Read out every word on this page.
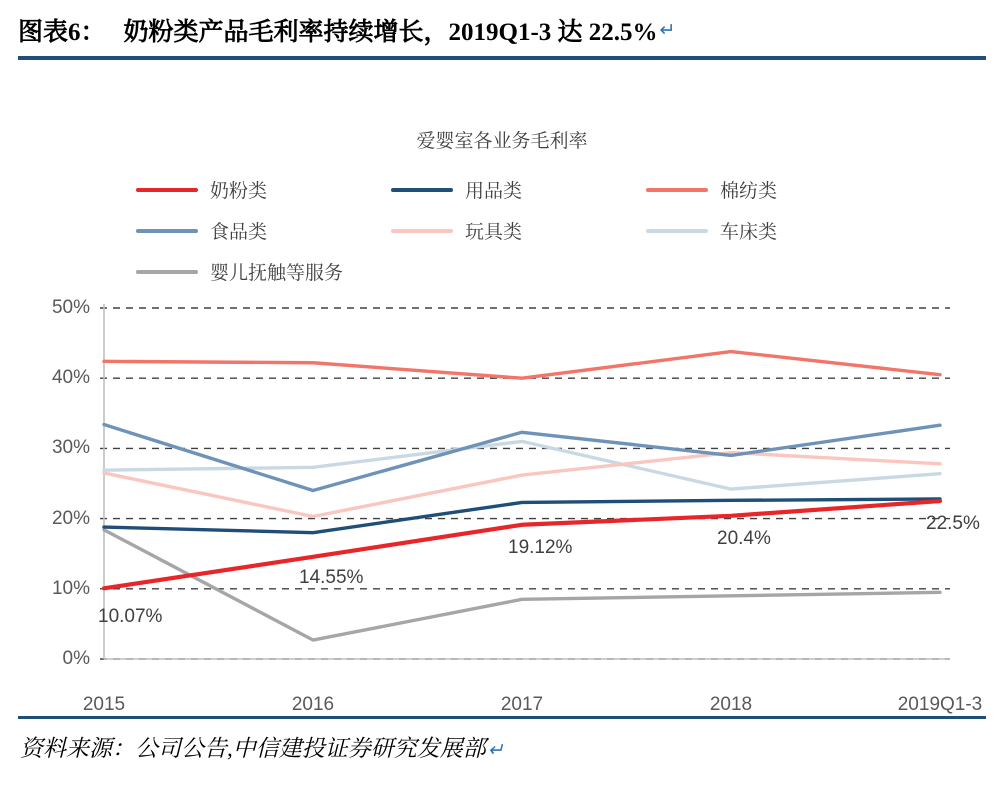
图表6： 奶粉类产品毛利率持续增长，2019Q1-3 达 22.5% ↵
爱婴室各业务毛利率
奶粉类	用品类	棉纺类
食品类	玩具类	车床类
婴儿抚触等服务
0%
10%
20%
30%
40%
50%
2015	2016	2017	2018	2019Q1-3
10.07%
14.55%
19.12%	20.4%
22.5%
资料来源：公司公告,中信建投证券研究发展部 ↵
